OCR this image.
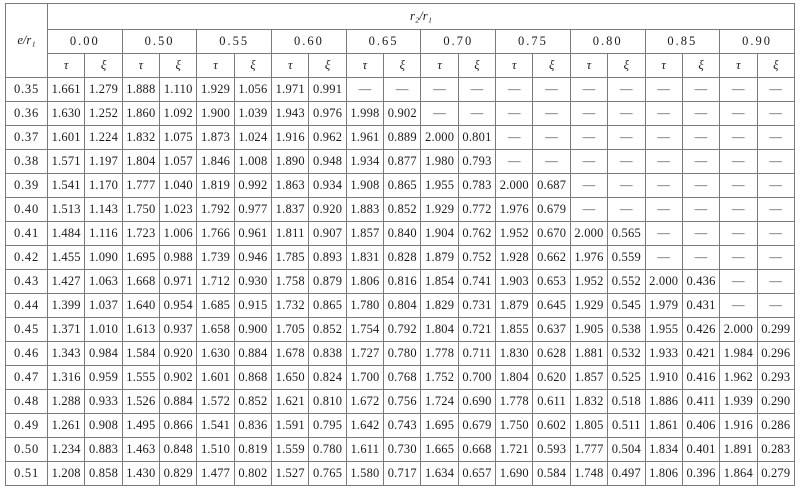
e/r₁	r₂/r₁																			
	0.00		0.50		0.55		0.60		0.65		0.70		0.75		0.80		0.85		0.90	
	τ	ξ	τ	ξ	τ	ξ	τ	ξ	τ	ξ	τ	ξ	τ	ξ	τ	ξ	τ	ξ	τ	ξ
0.35	1.661	1.279	1.888	1.110	1.929	1.056	1.971	0.991	—	—	—	—	—	—	—	—	—	—	—	—
0.36	1.630	1.252	1.860	1.092	1.900	1.039	1.943	0.976	1.998	0.902	—	—	—	—	—	—	—	—	—	—
0.37	1.601	1.224	1.832	1.075	1.873	1.024	1.916	0.962	1.961	0.889	2.000	0.801	—	—	—	—	—	—	—	—
0.38	1.571	1.197	1.804	1.057	1.846	1.008	1.890	0.948	1.934	0.877	1.980	0.793	—	—	—	—	—	—	—	—
0.39	1.541	1.170	1.777	1.040	1.819	0.992	1.863	0.934	1.908	0.865	1.955	0.783	2.000	0.687	—	—	—	—	—	—
0.40	1.513	1.143	1.750	1.023	1.792	0.977	1.837	0.920	1.883	0.852	1.929	0.772	1.976	0.679	—	—	—	—	—	—
0.41	1.484	1.116	1.723	1.006	1.766	0.961	1.811	0.907	1.857	0.840	1.904	0.762	1.952	0.670	2.000	0.565	—	—	—	—
0.42	1.455	1.090	1.695	0.988	1.739	0.946	1.785	0.893	1.831	0.828	1.879	0.752	1.928	0.662	1.976	0.559	—	—	—	—
0.43	1.427	1.063	1.668	0.971	1.712	0.930	1.758	0.879	1.806	0.816	1.854	0.741	1.903	0.653	1.952	0.552	2.000	0.436	—	—
0.44	1.399	1.037	1.640	0.954	1.685	0.915	1.732	0.865	1.780	0.804	1.829	0.731	1.879	0.645	1.929	0.545	1.979	0.431	—	—
0.45	1.371	1.010	1.613	0.937	1.658	0.900	1.705	0.852	1.754	0.792	1.804	0.721	1.855	0.637	1.905	0.538	1.955	0.426	2.000	0.299
0.46	1.343	0.984	1.584	0.920	1.630	0.884	1.678	0.838	1.727	0.780	1.778	0.711	1.830	0.628	1.881	0.532	1.933	0.421	1.984	0.296
0.47	1.316	0.959	1.555	0.902	1.601	0.868	1.650	0.824	1.700	0.768	1.752	0.700	1.804	0.620	1.857	0.525	1.910	0.416	1.962	0.293
0.48	1.288	0.933	1.526	0.884	1.572	0.852	1.621	0.810	1.672	0.756	1.724	0.690	1.778	0.611	1.832	0.518	1.886	0.411	1.939	0.290
0.49	1.261	0.908	1.495	0.866	1.541	0.836	1.591	0.795	1.642	0.743	1.695	0.679	1.750	0.602	1.805	0.511	1.861	0.406	1.916	0.286
0.50	1.234	0.883	1.463	0.848	1.510	0.819	1.559	0.780	1.611	0.730	1.665	0.668	1.721	0.593	1.777	0.504	1.834	0.401	1.891	0.283
0.51	1.208	0.858	1.430	0.829	1.477	0.802	1.527	0.765	1.580	0.717	1.634	0.657	1.690	0.584	1.748	0.497	1.806	0.396	1.864	0.279
